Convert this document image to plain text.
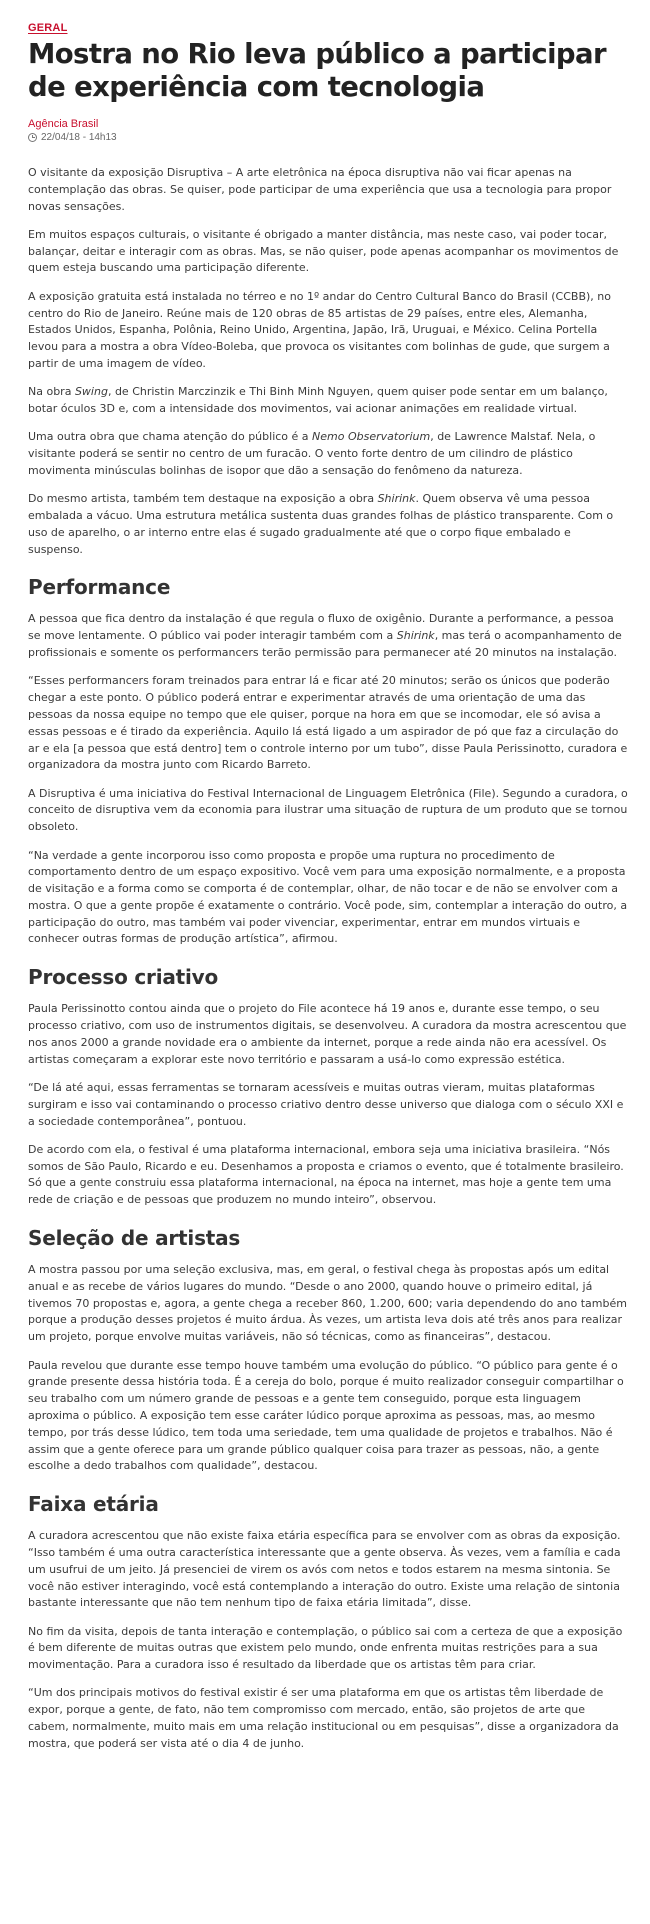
GERAL
Mostra no Rio leva público a participar de experiência com tecnologia
Agência Brasil
22/04/18 - 14h13

O visitante da exposição Disruptiva – A arte eletrônica na época disruptiva não vai ficar apenas na contemplação das obras. Se quiser, pode participar de uma experiência que usa a tecnologia para propor novas sensações.

Em muitos espaços culturais, o visitante é obrigado a manter distância, mas neste caso, vai poder tocar, balançar, deitar e interagir com as obras. Mas, se não quiser, pode apenas acompanhar os movimentos de quem esteja buscando uma participação diferente.

A exposição gratuita está instalada no térreo e no 1º andar do Centro Cultural Banco do Brasil (CCBB), no centro do Rio de Janeiro. Reúne mais de 120 obras de 85 artistas de 29 países, entre eles, Alemanha, Estados Unidos, Espanha, Polônia, Reino Unido, Argentina, Japão, Irã, Uruguai, e México. Celina Portella levou para a mostra a obra Vídeo-Boleba, que provoca os visitantes com bolinhas de gude, que surgem a partir de uma imagem de vídeo.

Na obra Swing, de Christin Marczinzik e Thi Binh Minh Nguyen, quem quiser pode sentar em um balanço, botar óculos 3D e, com a intensidade dos movimentos, vai acionar animações em realidade virtual.

Uma outra obra que chama atenção do público é a Nemo Observatorium, de Lawrence Malstaf. Nela, o visitante poderá se sentir no centro de um furacão. O vento forte dentro de um cilindro de plástico movimenta minúsculas bolinhas de isopor que dão a sensação do fenômeno da natureza.

Do mesmo artista, também tem destaque na exposição a obra Shirink. Quem observa vê uma pessoa embalada a vácuo. Uma estrutura metálica sustenta duas grandes folhas de plástico transparente. Com o uso de aparelho, o ar interno entre elas é sugado gradualmente até que o corpo fique embalado e suspenso.

Performance

A pessoa que fica dentro da instalação é que regula o fluxo de oxigênio. Durante a performance, a pessoa se move lentamente. O público vai poder interagir também com a Shirink, mas terá o acompanhamento de profissionais e somente os performancers terão permissão para permanecer até 20 minutos na instalação.

“Esses performancers foram treinados para entrar lá e ficar até 20 minutos; serão os únicos que poderão chegar a este ponto. O público poderá entrar e experimentar através de uma orientação de uma das pessoas da nossa equipe no tempo que ele quiser, porque na hora em que se incomodar, ele só avisa a essas pessoas e é tirado da experiência. Aquilo lá está ligado a um aspirador de pó que faz a circulação do ar e ela [a pessoa que está dentro] tem o controle interno por um tubo”, disse Paula Perissinotto, curadora e organizadora da mostra junto com Ricardo Barreto.

A Disruptiva é uma iniciativa do Festival Internacional de Linguagem Eletrônica (File). Segundo a curadora, o conceito de disruptiva vem da economia para ilustrar uma situação de ruptura de um produto que se tornou obsoleto.

“Na verdade a gente incorporou isso como proposta e propõe uma ruptura no procedimento de comportamento dentro de um espaço expositivo. Você vem para uma exposição normalmente, e a proposta de visitação e a forma como se comporta é de contemplar, olhar, de não tocar e de não se envolver com a mostra. O que a gente propõe é exatamente o contrário. Você pode, sim, contemplar a interação do outro, a participação do outro, mas também vai poder vivenciar, experimentar, entrar em mundos virtuais e conhecer outras formas de produção artística”, afirmou.

Processo criativo

Paula Perissinotto contou ainda que o projeto do File acontece há 19 anos e, durante esse tempo, o seu processo criativo, com uso de instrumentos digitais, se desenvolveu. A curadora da mostra acrescentou que nos anos 2000 a grande novidade era o ambiente da internet, porque a rede ainda não era acessível. Os artistas começaram a explorar este novo território e passaram a usá-lo como expressão estética.

“De lá até aqui, essas ferramentas se tornaram acessíveis e muitas outras vieram, muitas plataformas surgiram e isso vai contaminando o processo criativo dentro desse universo que dialoga com o século XXI e a sociedade contemporânea”, pontuou.

De acordo com ela, o festival é uma plataforma internacional, embora seja uma iniciativa brasileira. “Nós somos de São Paulo, Ricardo e eu. Desenhamos a proposta e criamos o evento, que é totalmente brasileiro. Só que a gente construiu essa plataforma internacional, na época na internet, mas hoje a gente tem uma rede de criação e de pessoas que produzem no mundo inteiro”, observou.

Seleção de artistas

A mostra passou por uma seleção exclusiva, mas, em geral, o festival chega às propostas após um edital anual e as recebe de vários lugares do mundo. “Desde o ano 2000, quando houve o primeiro edital, já tivemos 70 propostas e, agora, a gente chega a receber 860, 1.200, 600; varia dependendo do ano também porque a produção desses projetos é muito árdua. Às vezes, um artista leva dois até três anos para realizar um projeto, porque envolve muitas variáveis, não só técnicas, como as financeiras”, destacou.

Paula revelou que durante esse tempo houve também uma evolução do público. “O público para gente é o grande presente dessa história toda. É a cereja do bolo, porque é muito realizador conseguir compartilhar o seu trabalho com um número grande de pessoas e a gente tem conseguido, porque esta linguagem aproxima o público. A exposição tem esse caráter lúdico porque aproxima as pessoas, mas, ao mesmo tempo, por trás desse lúdico, tem toda uma seriedade, tem uma qualidade de projetos e trabalhos. Não é assim que a gente oferece para um grande público qualquer coisa para trazer as pessoas, não, a gente escolhe a dedo trabalhos com qualidade”, destacou.

Faixa etária

A curadora acrescentou que não existe faixa etária específica para se envolver com as obras da exposição. “Isso também é uma outra característica interessante que a gente observa. Às vezes, vem a família e cada um usufrui de um jeito. Já presenciei de virem os avós com netos e todos estarem na mesma sintonia. Se você não estiver interagindo, você está contemplando a interação do outro. Existe uma relação de sintonia bastante interessante que não tem nenhum tipo de faixa etária limitada”, disse.

No fim da visita, depois de tanta interação e contemplação, o público sai com a certeza de que a exposição é bem diferente de muitas outras que existem pelo mundo, onde enfrenta muitas restrições para a sua movimentação. Para a curadora isso é resultado da liberdade que os artistas têm para criar.

“Um dos principais motivos do festival existir é ser uma plataforma em que os artistas têm liberdade de expor, porque a gente, de fato, não tem compromisso com mercado, então, são projetos de arte que cabem, normalmente, muito mais em uma relação institucional ou em pesquisas”, disse a organizadora da mostra, que poderá ser vista até o dia 4 de junho.
